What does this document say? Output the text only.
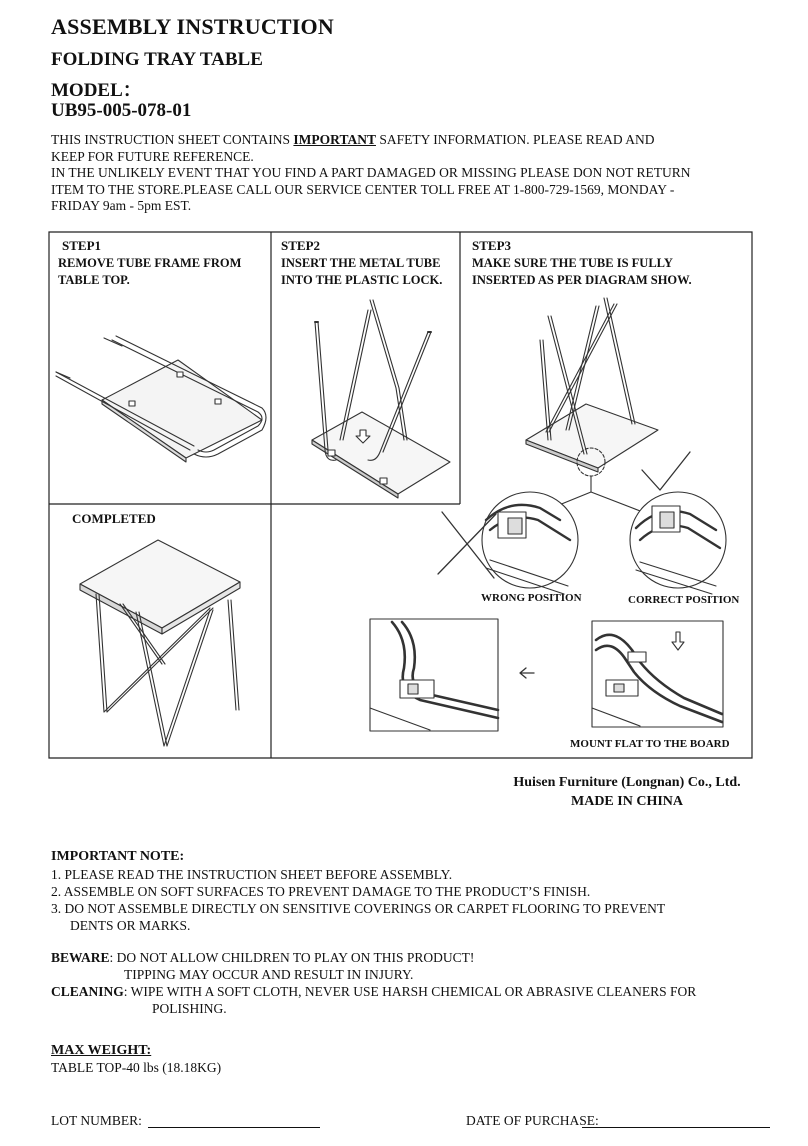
ASSEMBLY INSTRUCTION
FOLDING TRAY TABLE
MODEL：
UB95-005-078-01
THIS INSTRUCTION SHEET CONTAINS IMPORTANT SAFETY INFORMATION. PLEASE READ AND
KEEP FOR FUTURE REFERENCE.
IN THE UNLIKELY EVENT THAT YOU FIND A PART DAMAGED OR MISSING PLEASE DON NOT RETURN
ITEM TO THE STORE.PLEASE CALL OUR SERVICE CENTER TOLL FREE AT 1-800-729-1569, MONDAY -
FRIDAY 9am - 5pm EST.
STEP1
REMOVE TUBE FRAME FROM
TABLE TOP.
STEP2
INSERT THE METAL TUBE
INTO THE PLASTIC LOCK.
STEP3
MAKE SURE THE TUBE IS FULLY
INSERTED AS PER DIAGRAM SHOW.
COMPLETED
WRONG POSITION	CORRECT POSITION
MOUNT FLAT TO THE BOARD
Huisen Furniture (Longnan) Co., Ltd.
MADE IN CHINA
IMPORTANT NOTE:
1. PLEASE READ THE INSTRUCTION SHEET BEFORE ASSEMBLY.
2. ASSEMBLE ON SOFT SURFACES TO PREVENT DAMAGE TO THE PRODUCT’S FINISH.
3. DO NOT ASSEMBLE DIRECTLY ON SENSITIVE COVERINGS OR CARPET FLOORING TO PREVENT
DENTS OR MARKS.
BEWARE: DO NOT ALLOW CHILDREN TO PLAY ON THIS PRODUCT!
TIPPING MAY OCCUR AND RESULT IN INJURY.
CLEANING: WIPE WITH A SOFT CLOTH, NEVER USE HARSH CHEMICAL OR ABRASIVE CLEANERS FOR
POLISHING.
MAX WEIGHT:
TABLE TOP-40 lbs (18.18KG)
LOT NUMBER:	DATE OF PURCHASE:
